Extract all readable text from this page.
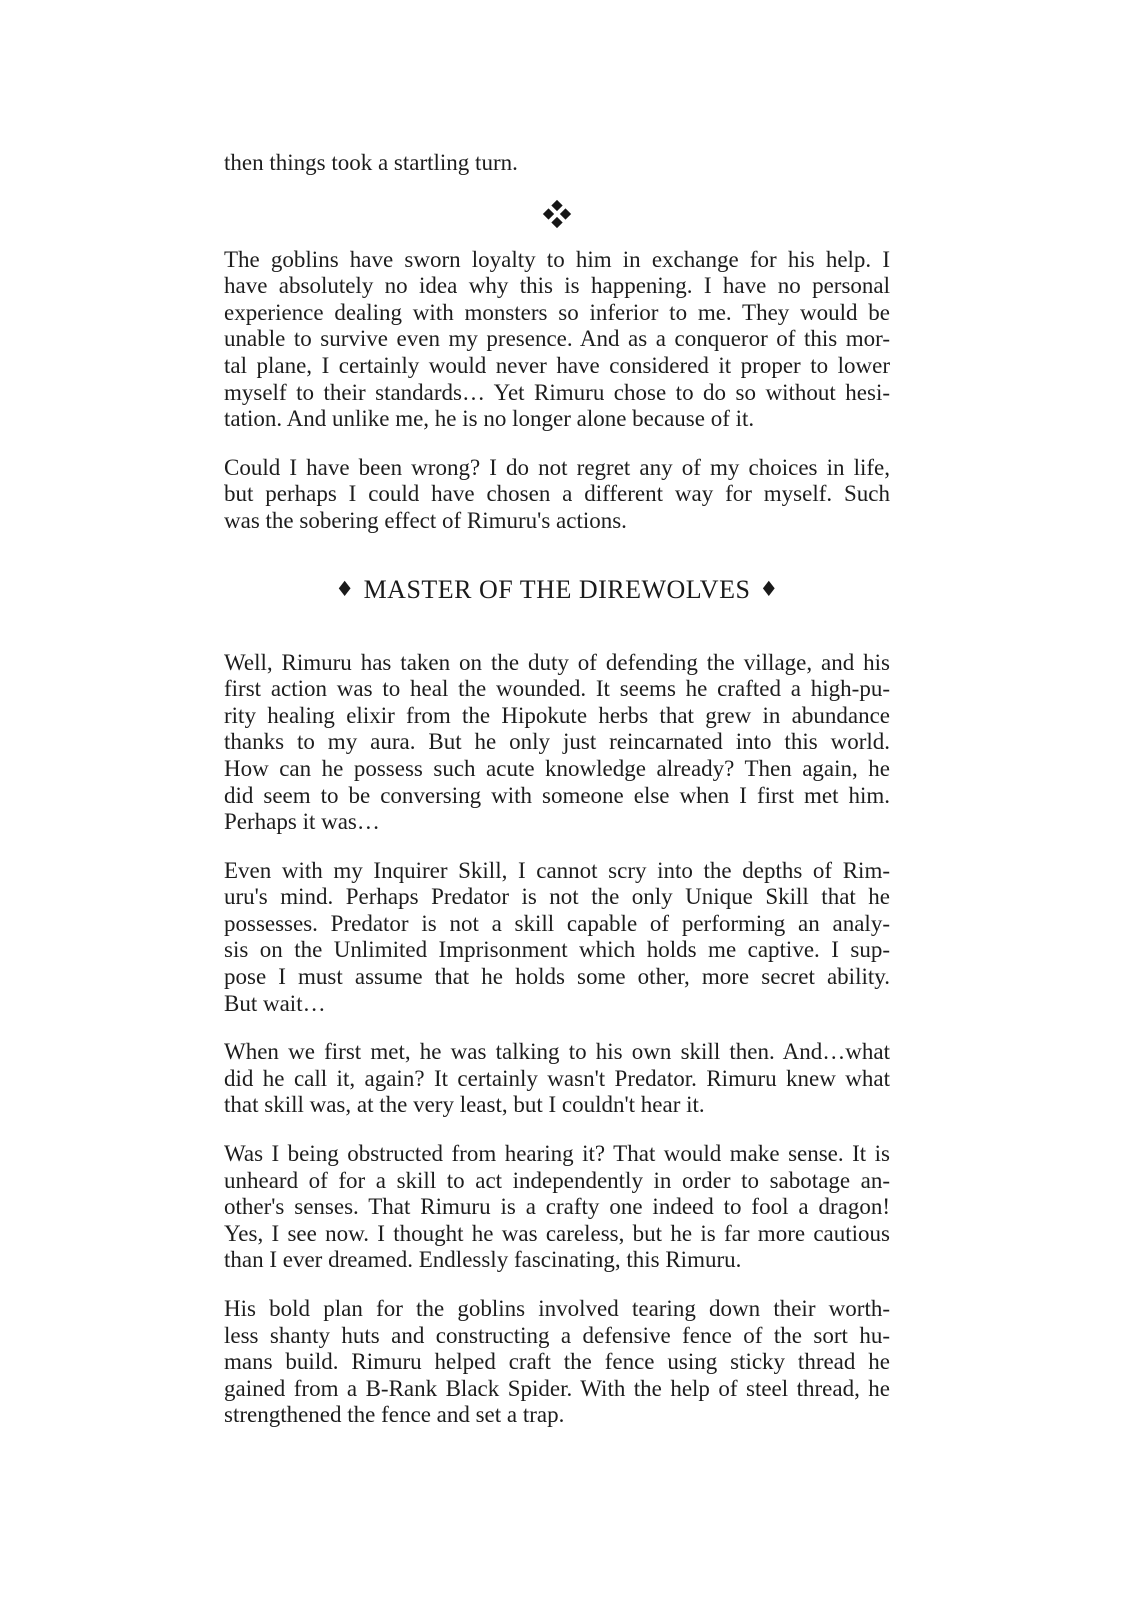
then things took a startling turn.
The goblins have sworn loyalty to him in exchange for his help. I
have absolutely no idea why this is happening. I have no personal
experience dealing with monsters so inferior to me. They would be
unable to survive even my presence. And as a conqueror of this mor-
tal plane, I certainly would never have considered it proper to lower
myself to their standards… Yet Rimuru chose to do so without hesi-
tation. And unlike me, he is no longer alone because of it.
Could I have been wrong? I do not regret any of my choices in life,
but perhaps I could have chosen a different way for myself. Such
was the sobering effect of Rimuru's actions.
♦ MASTER OF THE DIREWOLVES ♦
Well, Rimuru has taken on the duty of defending the village, and his
first action was to heal the wounded. It seems he crafted a high-pu-
rity healing elixir from the Hipokute herbs that grew in abundance
thanks to my aura. But he only just reincarnated into this world.
How can he possess such acute knowledge already? Then again, he
did seem to be conversing with someone else when I first met him.
Perhaps it was…
Even with my Inquirer Skill, I cannot scry into the depths of Rim-
uru's mind. Perhaps Predator is not the only Unique Skill that he
possesses. Predator is not a skill capable of performing an analy-
sis on the Unlimited Imprisonment which holds me captive. I sup-
pose I must assume that he holds some other, more secret ability.
But wait…
When we first met, he was talking to his own skill then. And…what
did he call it, again? It certainly wasn't Predator. Rimuru knew what
that skill was, at the very least, but I couldn't hear it.
Was I being obstructed from hearing it? That would make sense. It is
unheard of for a skill to act independently in order to sabotage an-
other's senses. That Rimuru is a crafty one indeed to fool a dragon!
Yes, I see now. I thought he was careless, but he is far more cautious
than I ever dreamed. Endlessly fascinating, this Rimuru.
His bold plan for the goblins involved tearing down their worth-
less shanty huts and constructing a defensive fence of the sort hu-
mans build. Rimuru helped craft the fence using sticky thread he
gained from a B-Rank Black Spider. With the help of steel thread, he
strengthened the fence and set a trap.
